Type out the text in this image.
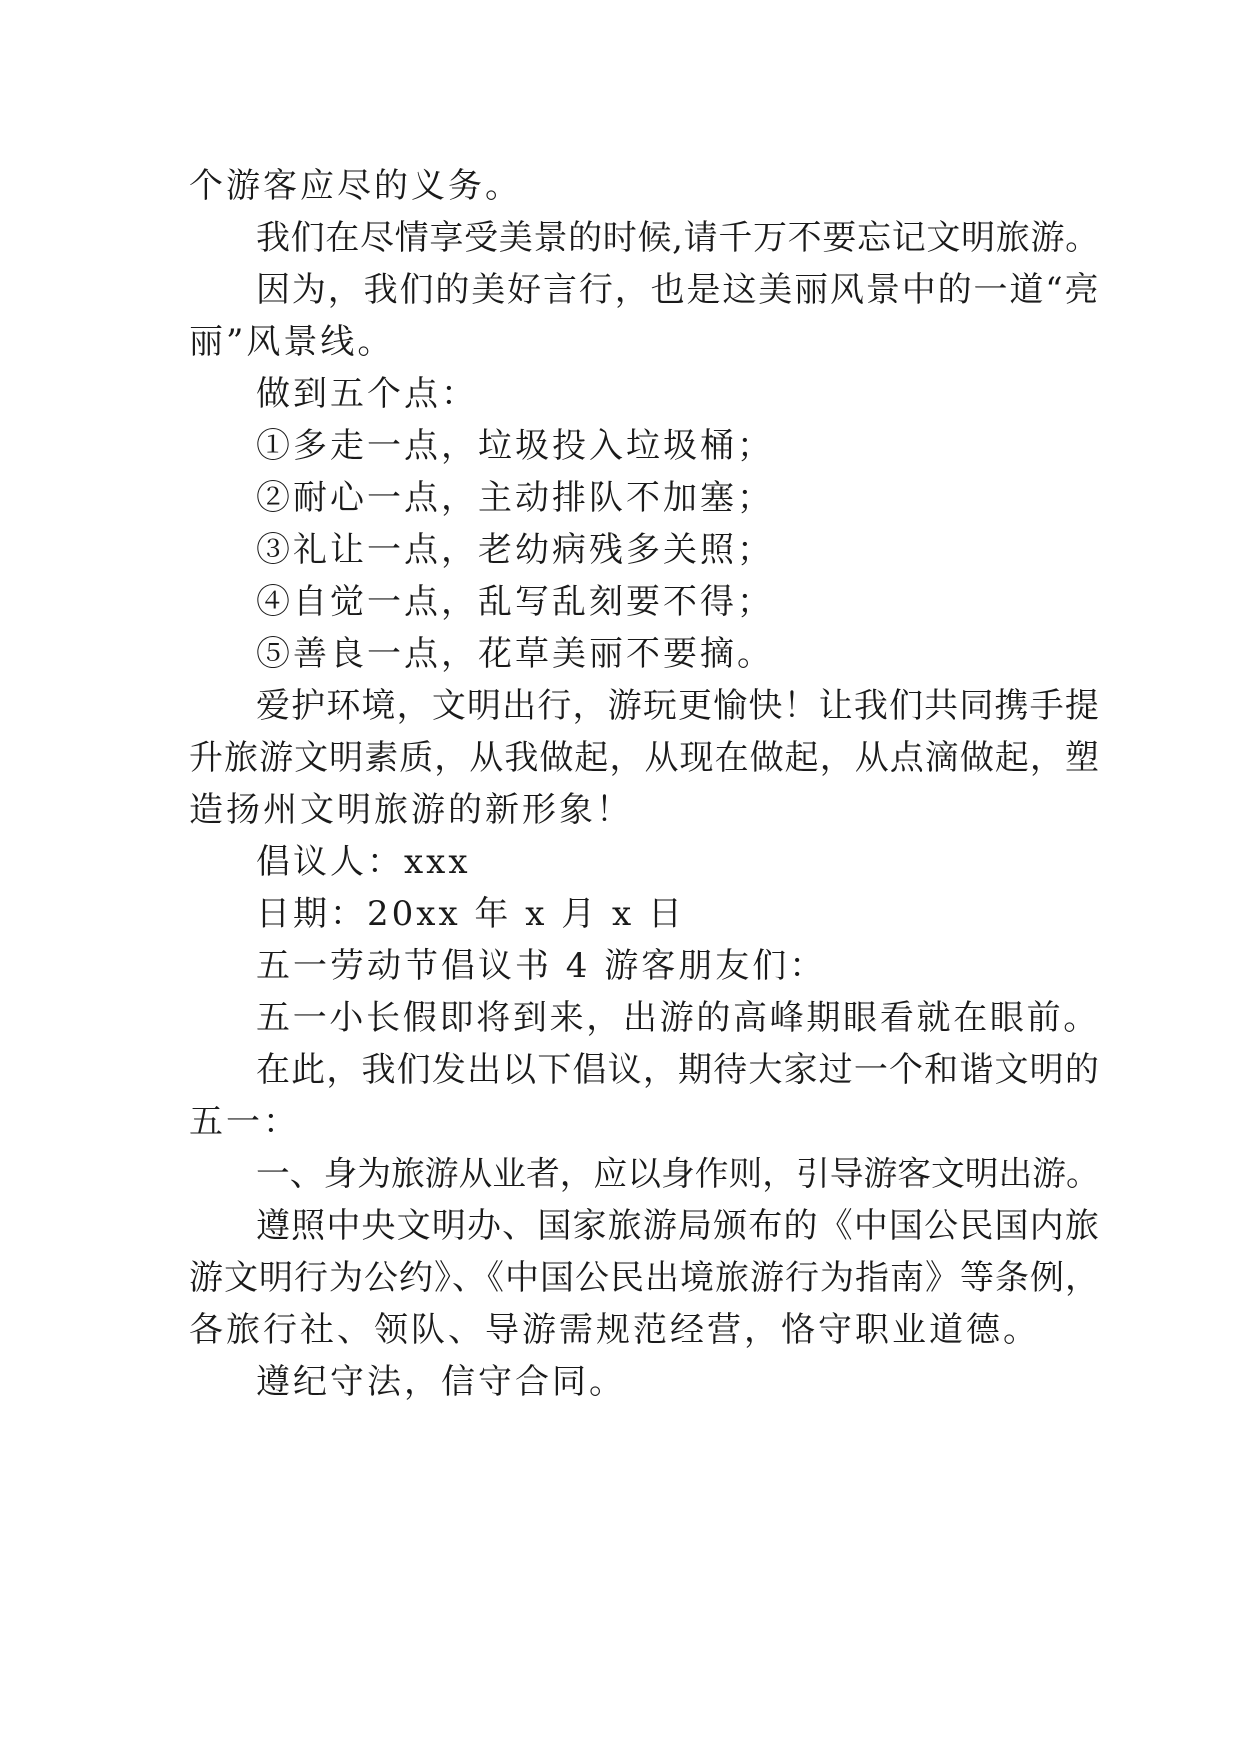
个游客应尽的义务。
我们在尽情享受美景的时候,请千万不要忘记文明旅游。
因为，我们的美好言行，也是这美丽风景中的一道“亮
丽”风景线。
做到五个点：
①多走一点，垃圾投入垃圾桶；
②耐心一点，主动排队不加塞；
③礼让一点，老幼病残多关照；
④自觉一点，乱写乱刻要不得；
⑤善良一点，花草美丽不要摘。
爱护环境，文明出行，游玩更愉快！让我们共同携手提
升旅游文明素质，从我做起，从现在做起，从点滴做起，塑
造扬州文明旅游的新形象！
倡议人：xxx
日期：20xx 年 x 月 x 日
五一劳动节倡议书 4 游客朋友们：
五一小长假即将到来，出游的高峰期眼看就在眼前。
在此，我们发出以下倡议，期待大家过一个和谐文明的
五一：
一、身为旅游从业者，应以身作则，引导游客文明出游。
遵照中央文明办、国家旅游局颁布的《中国公民国内旅
游文明行为公约》、《中国公民出境旅游行为指南》等条例，
各旅行社、领队、导游需规范经营，恪守职业道德。
遵纪守法，信守合同。
